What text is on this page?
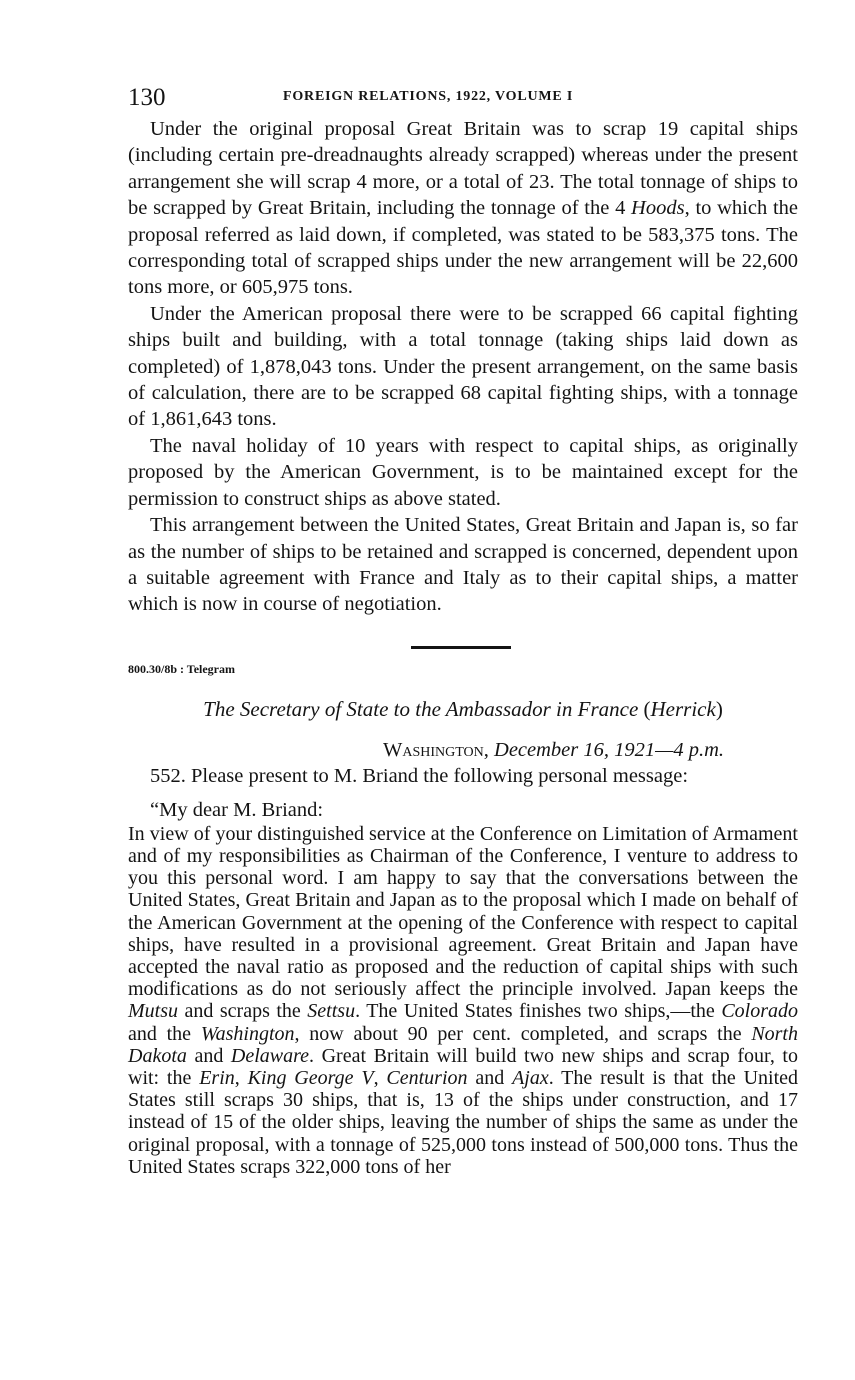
130	FOREIGN RELATIONS, 1922, VOLUME I

Under the original proposal Great Britain was to scrap 19 capital ships (including certain pre-dreadnaughts already scrapped) whereas under the present arrangement she will scrap 4 more, or a total of 23. The total tonnage of ships to be scrapped by Great Britain, including the tonnage of the 4 Hoods, to which the proposal referred as laid down, if completed, was stated to be 583,375 tons. The corresponding total of scrapped ships under the new arrangement will be 22,600 tons more, or 605,975 tons.

Under the American proposal there were to be scrapped 66 capital fighting ships built and building, with a total tonnage (taking ships laid down as completed) of 1,878,043 tons. Under the present arrangement, on the same basis of calculation, there are to be scrapped 68 capital fighting ships, with a tonnage of 1,861,643 tons.

The naval holiday of 10 years with respect to capital ships, as originally proposed by the American Government, is to be maintained except for the permission to construct ships as above stated.

This arrangement between the United States, Great Britain and Japan is, so far as the number of ships to be retained and scrapped is concerned, dependent upon a suitable agreement with France and Italy as to their capital ships, a matter which is now in course of negotiation.

800.30/8b : Telegram
The Secretary of State to the Ambassador in France (Herrick)
Washington, December 16, 1921—4 p.m.

552. Please present to M. Briand the following personal message:

“My dear M. Briand:

In view of your distinguished service at the Conference on Limitation of Armament and of my responsibilities as Chairman of the Conference, I venture to address to you this personal word. I am happy to say that the conversations between the United States, Great Britain and Japan as to the proposal which I made on behalf of the American Government at the opening of the Conference with respect to capital ships, have resulted in a provisional agreement. Great Britain and Japan have accepted the naval ratio as proposed and the reduction of capital ships with such modifications as do not seriously affect the principle involved. Japan keeps the Mutsu and scraps the Settsu. The United States finishes two ships,—the Colorado and the Washington, now about 90 per cent. completed, and scraps the North Dakota and Delaware. Great Britain will build two new ships and scrap four, to wit: the Erin, King George V, Centurion and Ajax. The result is that the United States still scraps 30 ships, that is, 13 of the ships under construction, and 17 instead of 15 of the older ships, leaving the number of ships the same as under the original proposal, with a tonnage of 525,000 tons instead of 500,000 tons. Thus the United States scraps 322,000 tons of her
